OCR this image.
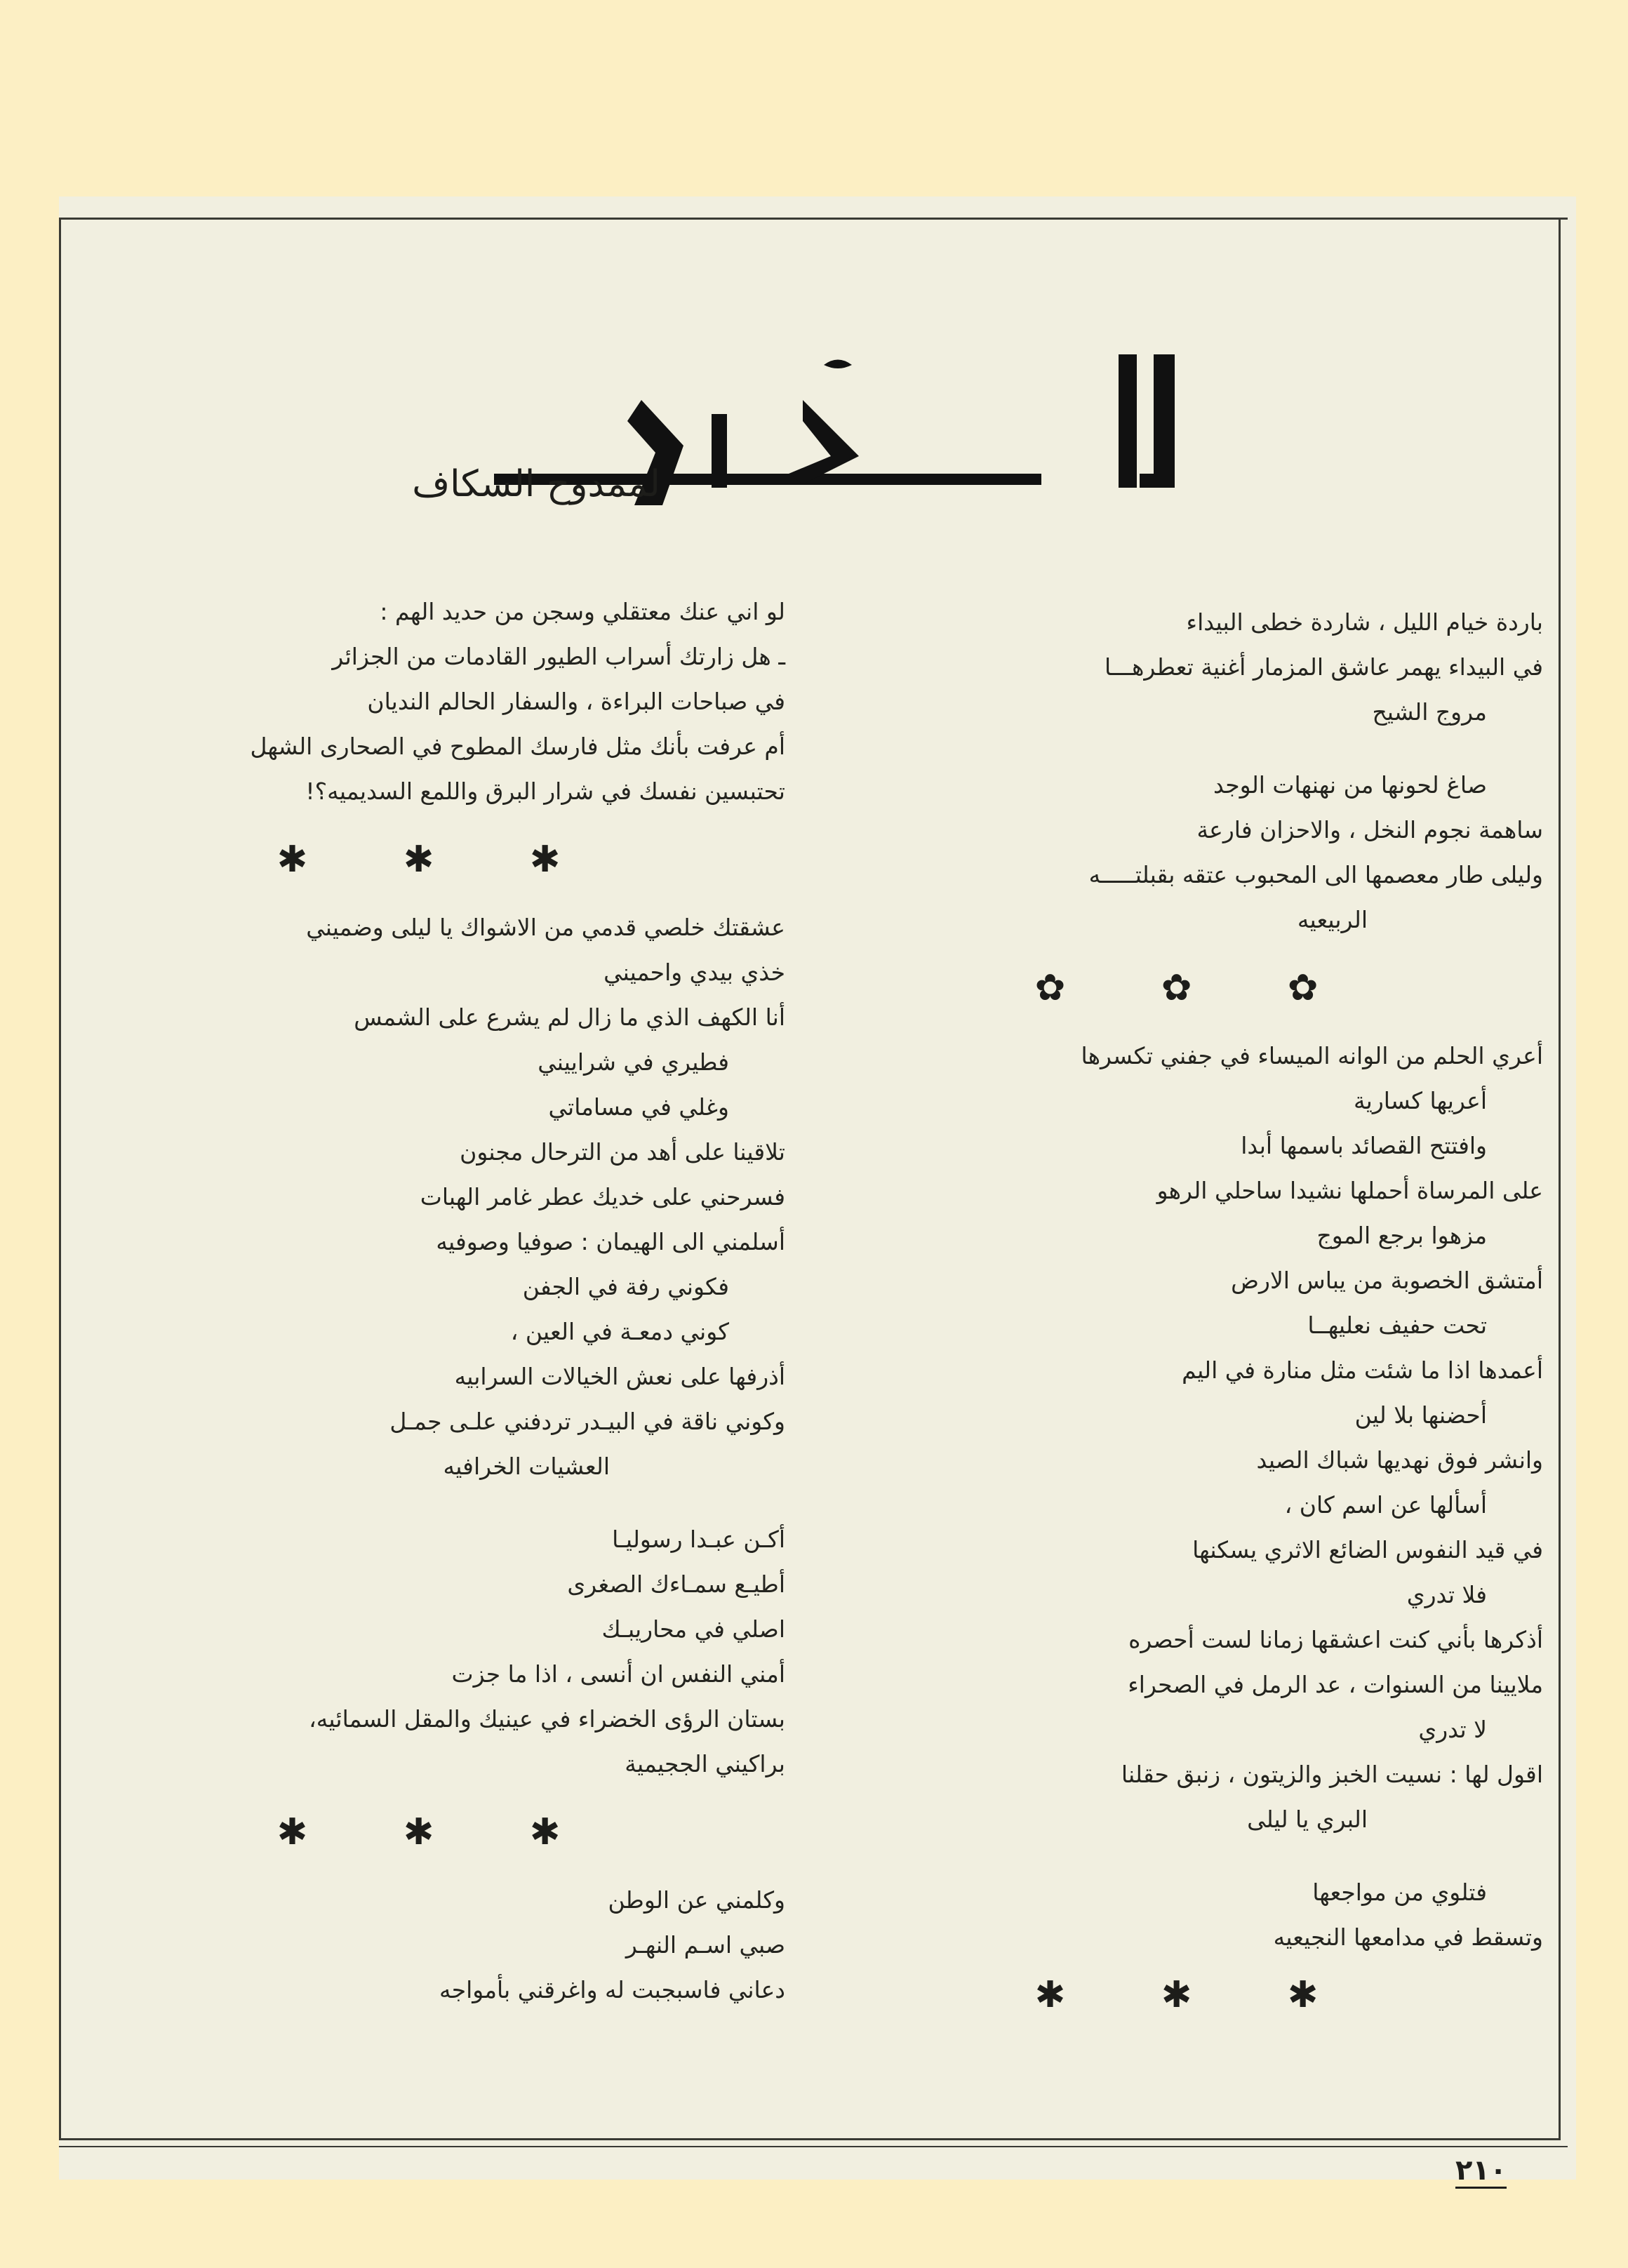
المدار
لممدوح السكاف
باردة خيام الليل ، شاردة خطى البيداء
في البيداء يهمر عاشق المزمار أغنية تعطرهـــا
مروج الشيح
صاغ لحونها من نهنهات الوجد
ساهمة نجوم النخل ، والاحزان فارعة
وليلى طار معصمها الى المحبوب عتقه بقبلتـــــه
الربيعيه
✿ ✿ ✿
أعري الحلم من الوانه الميساء في جفني تكسرها
أعريها كسارية
وافتتح القصائد باسمها أبدا
على المرساة أحملها نشيدا ساحلي الرهو
مزهوا برجع الموج
أمتشق الخصوبة من يباس الارض
تحت حفيف نعليهــا
أعمدها اذا ما شئت مثل منارة في اليم
أحضنها بلا لين
وانشر فوق نهديها شباك الصيد
أسألها عن اسم كان ،
في قيد النفوس الضائع الاثري يسكنها
فلا تدري
أذكرها بأني كنت اعشقها زمانا لست أحصره
ملايينا من السنوات ، عد الرمل في الصحراء
لا تدري
اقول لها : نسيت الخبز والزيتون ، زنبق حقلنا
البري يا ليلى
فتلوي من مواجعها
وتسقط في مدامعها النجيعيه
✱ ✱ ✱
لو اني عنك معتقلي وسجن من حديد الهم :
ـ هل زارتك أسراب الطيور القادمات من الجزائر
في صباحات البراءة ، والسفار الحالم النديان
أم عرفت بأنك مثل فارسك المطوح في الصحارى الشهل
تحتبسين نفسك في شرار البرق واللمع السديميه؟!
✱ ✱ ✱
عشقتك خلصي قدمي من الاشواك يا ليلى وضميني
خذي بيدي واحميني
أنا الكهف الذي ما زال لم يشرع على الشمس
فطيري في شراييني
وغلي في مساماتي
تلاقينا على أهد من الترحال مجنون
فسرحني على خديك عطر غامر الهبات
أسلمني الى الهيمان : صوفيا وصوفيه
فكوني رفة في الجفن
كوني دمعـة في العين ،
أذرفها على نعش الخيالات السرابيه
وكوني ناقة في البيـدر تردفني علـى جمـل
العشيات الخرافيه
أكـن عبـدا رسوليـا
أطيـع سمـاءك الصغرى
اصلي في محاريبـك
أمني النفس ان أنسى ، اذا ما جزت
بستان الرؤى الخضراء في عينيك والمقل السمائيه،
براكيني الججيمية
✱ ✱ ✱
وكلمني عن الوطن
صبي اسـم النهـر
دعاني فاسبجبت له واغرقني بأمواجه
٢١٠
